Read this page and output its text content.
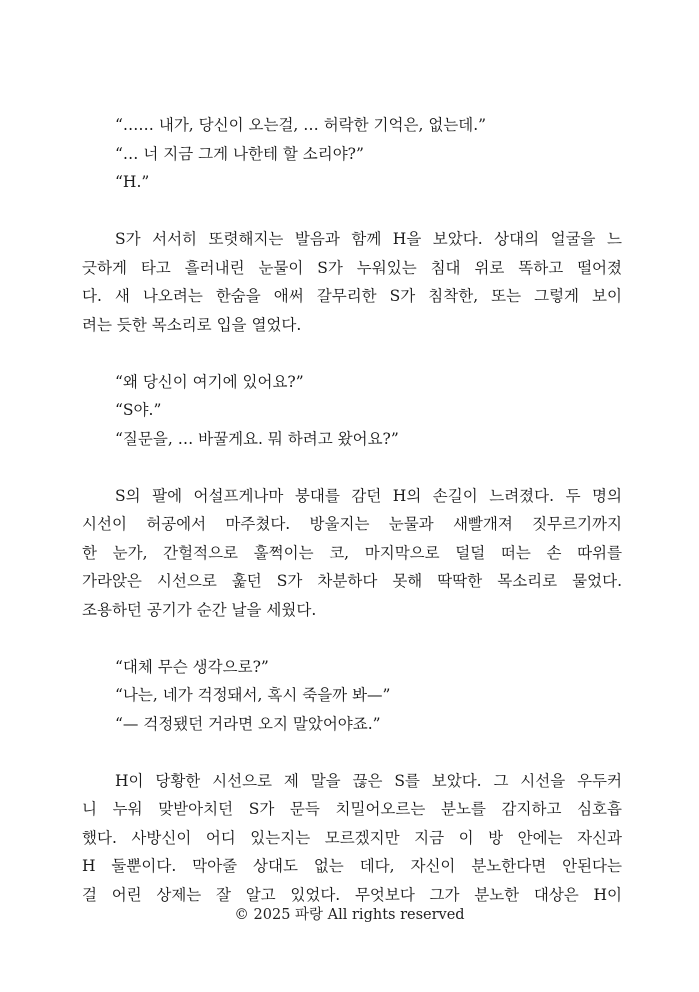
“…… 내가, 당신이 오는걸, … 허락한 기억은, 없는데.”
“… 너 지금 그게 나한테 할 소리야?”
“H.”
S가 서서히 또렷해지는 발음과 함께 H을 보았다. 상대의 얼굴을 느
긋하게 타고 흘러내린 눈물이 S가 누워있는 침대 위로 똑하고 떨어졌
다. 새 나오려는 한숨을 애써 갈무리한 S가 침착한, 또는 그렇게 보이
려는 듯한 목소리로 입을 열었다.
“왜 당신이 여기에 있어요?”
“S야.”
“질문을, … 바꿀게요. 뭐 하려고 왔어요?”
S의 팔에 어설프게나마 붕대를 감던 H의 손길이 느려졌다. 두 명의
시선이 허공에서 마주쳤다. 방울지는 눈물과 새빨개져 짓무르기까지
한 눈가, 간헐적으로 훌쩍이는 코, 마지막으로 덜덜 떠는 손 따위를
가라앉은 시선으로 훑던 S가 차분하다 못해 딱딱한 목소리로 물었다.
조용하던 공기가 순간 날을 세웠다.
“대체 무슨 생각으로?”
“나는, 네가 걱정돼서, 혹시 죽을까 봐—”
“— 걱정됐던 거라면 오지 말았어야죠.”
H이 당황한 시선으로 제 말을 끊은 S를 보았다. 그 시선을 우두커
니 누워 맞받아치던 S가 문득 치밀어오르는 분노를 감지하고 심호흡
했다. 사방신이 어디 있는지는 모르겠지만 지금 이 방 안에는 자신과
H 둘뿐이다. 막아줄 상대도 없는 데다, 자신이 분노한다면 안된다는
걸 어린 상제는 잘 알고 있었다. 무엇보다 그가 분노한 대상은 H이
© 2025 파랑 All rights reserved
